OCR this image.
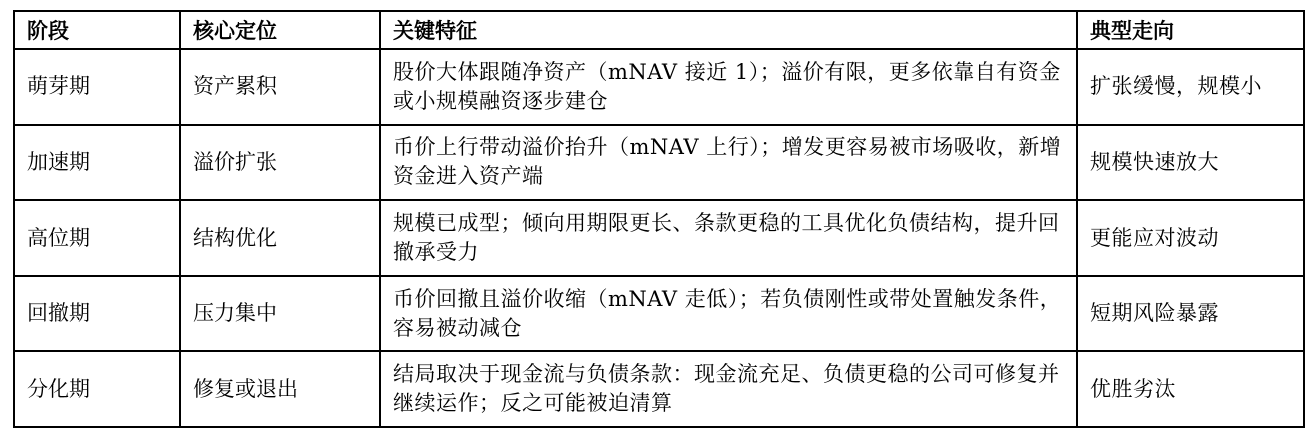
阶段	核心定位	关键特征	典型走向
萌芽期	资产累积	股价大体跟随净资产（mNAV 接近 1）；溢价有限，更多依靠自有资金或小规模融资逐步建仓	扩张缓慢，规模小
加速期	溢价扩张	币价上行带动溢价抬升（mNAV 上行）；增发更容易被市场吸收，新增资金进入资产端	规模快速放大
高位期	结构优化	规模已成型；倾向用期限更长、条款更稳的工具优化负债结构，提升回撤承受力	更能应对波动
回撤期	压力集中	币价回撤且溢价收缩（mNAV 走低）；若负债刚性或带处置触发条件，容易被动减仓	短期风险暴露
分化期	修复或退出	结局取决于现金流与负债条款：现金流充足、负债更稳的公司可修复并继续运作；反之可能被迫清算	优胜劣汰
